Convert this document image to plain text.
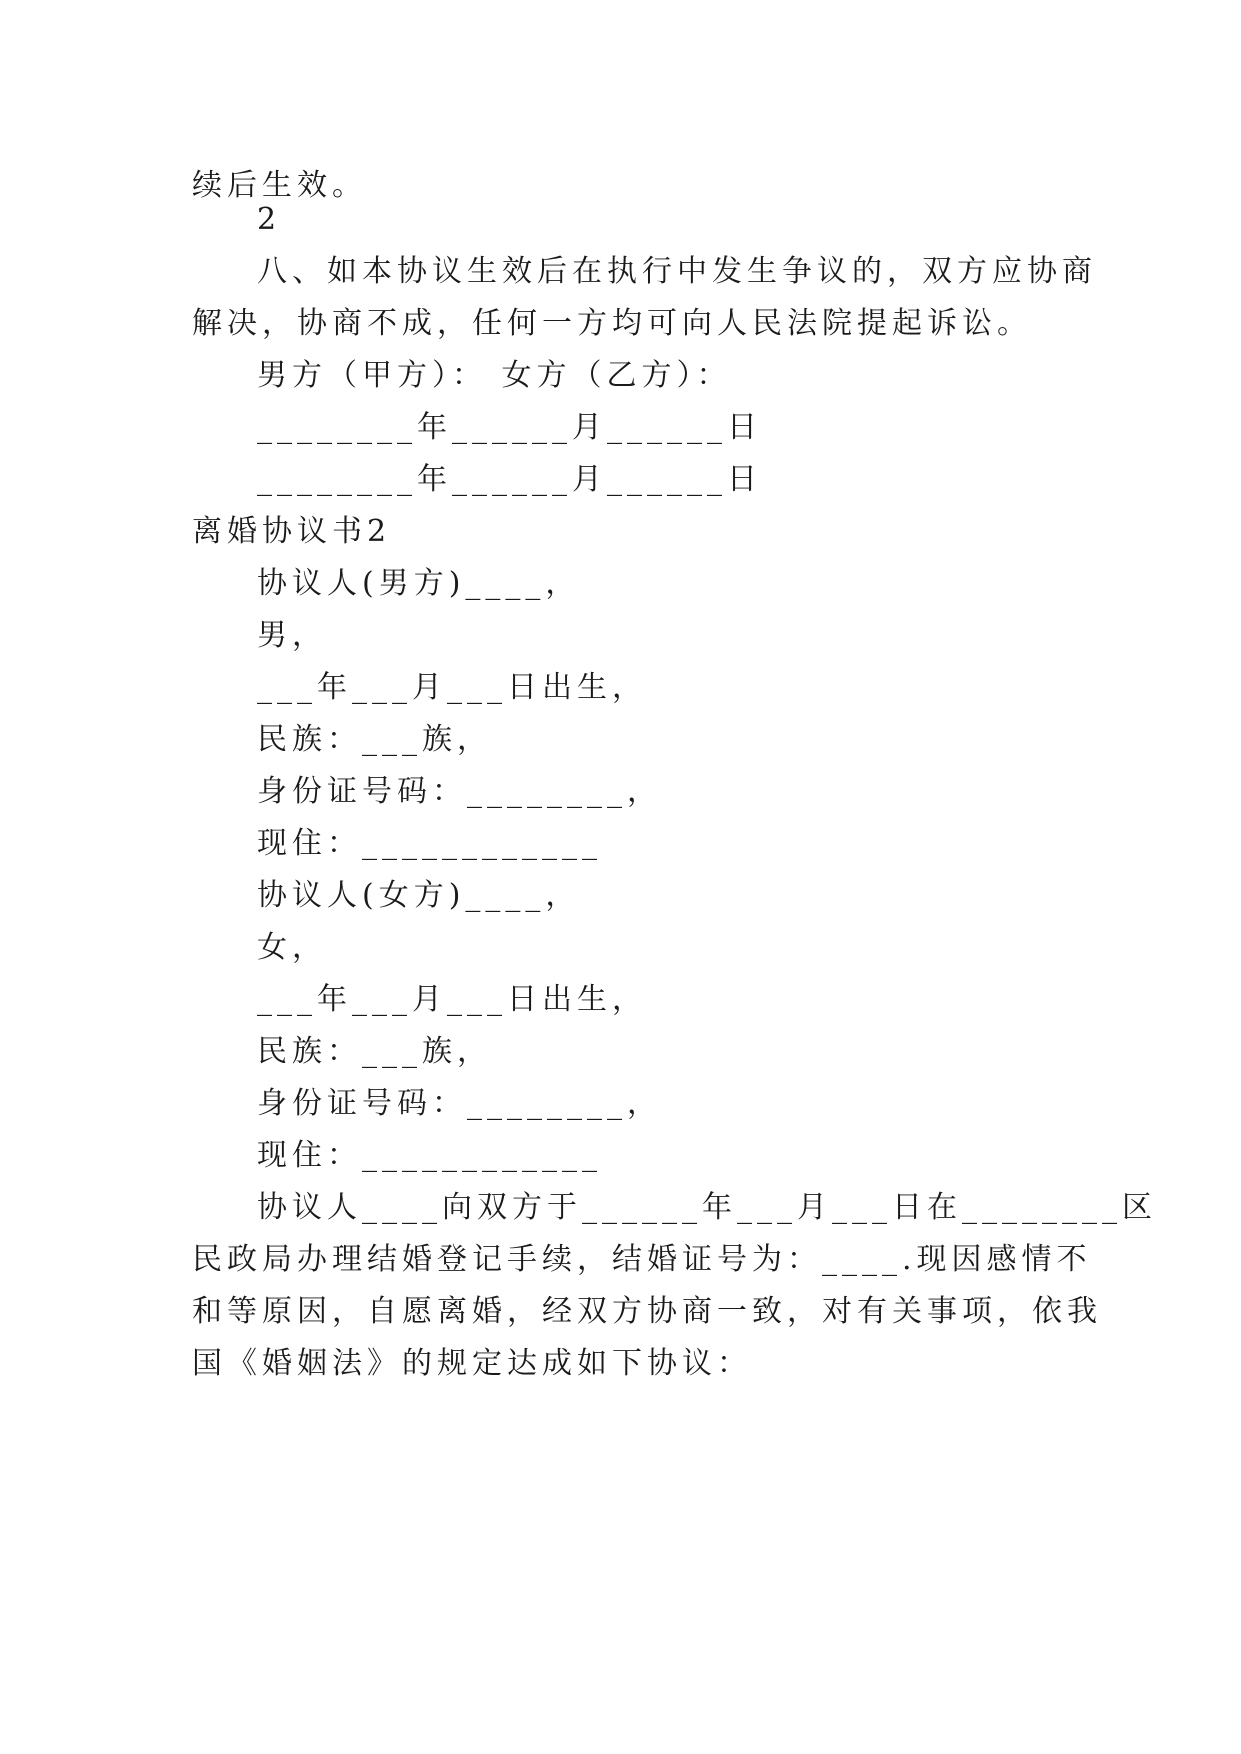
续后生效。
2
八、如本协议生效后在执行中发生争议的，双方应协商
解决，协商不成，任何一方均可向人民法院提起诉讼。
男方（甲方）： 女方（乙方）：
________年______月______日
________年______月______日
离婚协议书2
协议人(男方)____，
男，
___年___月___日出生，
民族：___族，
身份证号码：________，
现住：____________
协议人(女方)____，
女，
___年___月___日出生，
民族：___族，
身份证号码：________，
现住：____________
协议人____向双方于______年___月___日在________区
民政局办理结婚登记手续，结婚证号为：____.现因感情不
和等原因，自愿离婚，经双方协商一致，对有关事项，依我
国《婚姻法》的规定达成如下协议：
